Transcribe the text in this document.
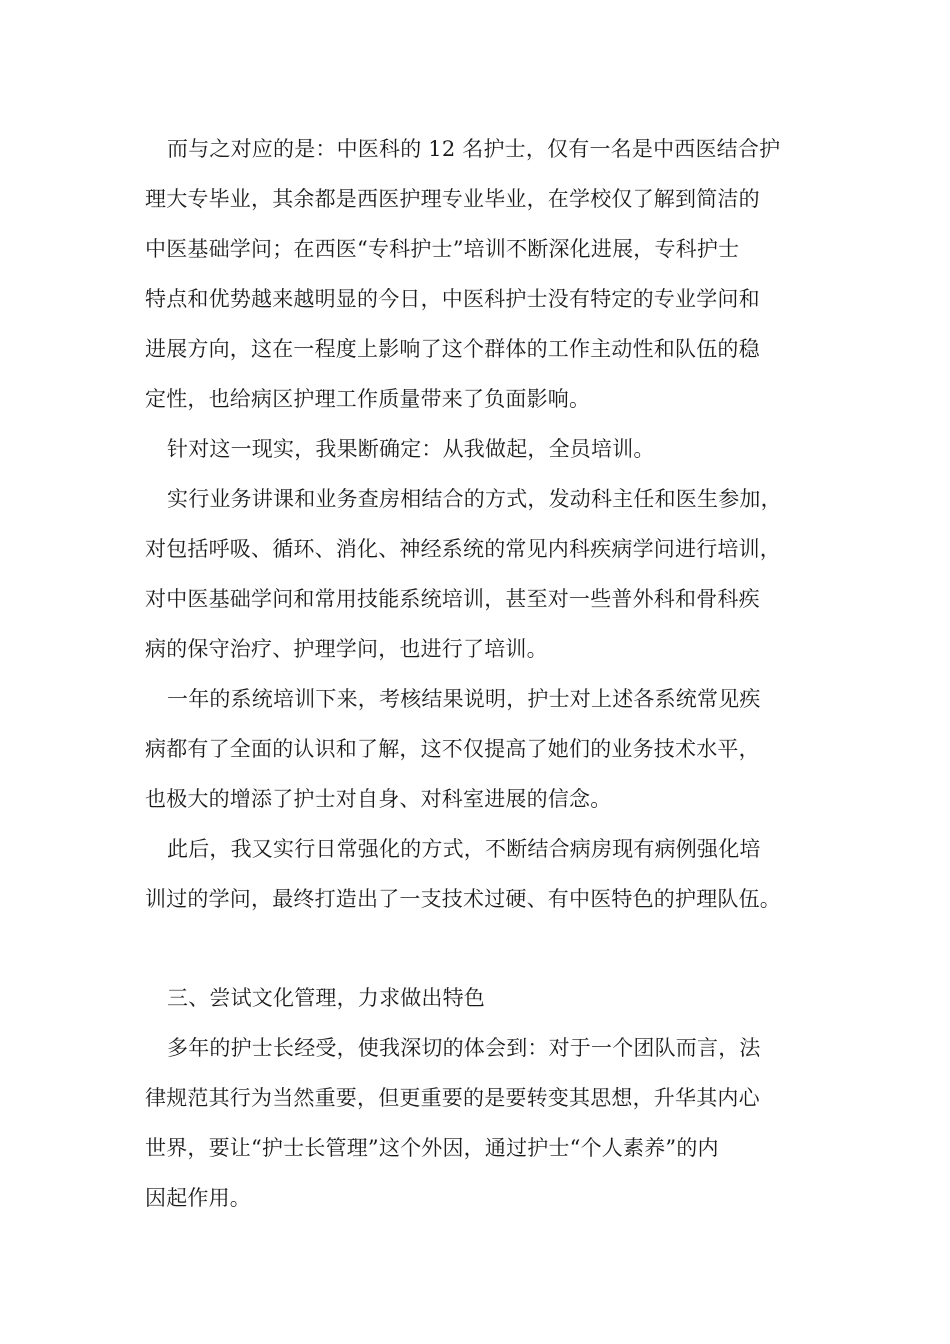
而与之对应的是：中医科的 12 名护士，仅有一名是中西医结合护
理大专毕业，其余都是西医护理专业毕业，在学校仅了解到简洁的
中医基础学问；在西医“专科护士”培训不断深化进展，专科护士
特点和优势越来越明显的今日，中医科护士没有特定的专业学问和
进展方向，这在一程度上影响了这个群体的工作主动性和队伍的稳
定性，也给病区护理工作质量带来了负面影响。
针对这一现实，我果断确定：从我做起，全员培训。
实行业务讲课和业务查房相结合的方式，发动科主任和医生参加，
对包括呼吸、循环、消化、神经系统的常见内科疾病学问进行培训，
对中医基础学问和常用技能系统培训，甚至对一些普外科和骨科疾
病的保守治疗、护理学问，也进行了培训。
一年的系统培训下来，考核结果说明，护士对上述各系统常见疾
病都有了全面的认识和了解，这不仅提高了她们的业务技术水平，
也极大的增添了护士对自身、对科室进展的信念。
此后，我又实行日常强化的方式，不断结合病房现有病例强化培
训过的学问，最终打造出了一支技术过硬、有中医特色的护理队伍。
三、尝试文化管理，力求做出特色
多年的护士长经受，使我深切的体会到：对于一个团队而言，法
律规范其行为当然重要，但更重要的是要转变其思想，升华其内心
世界，要让“护士长管理”这个外因，通过护士“个人素养”的内
因起作用。
